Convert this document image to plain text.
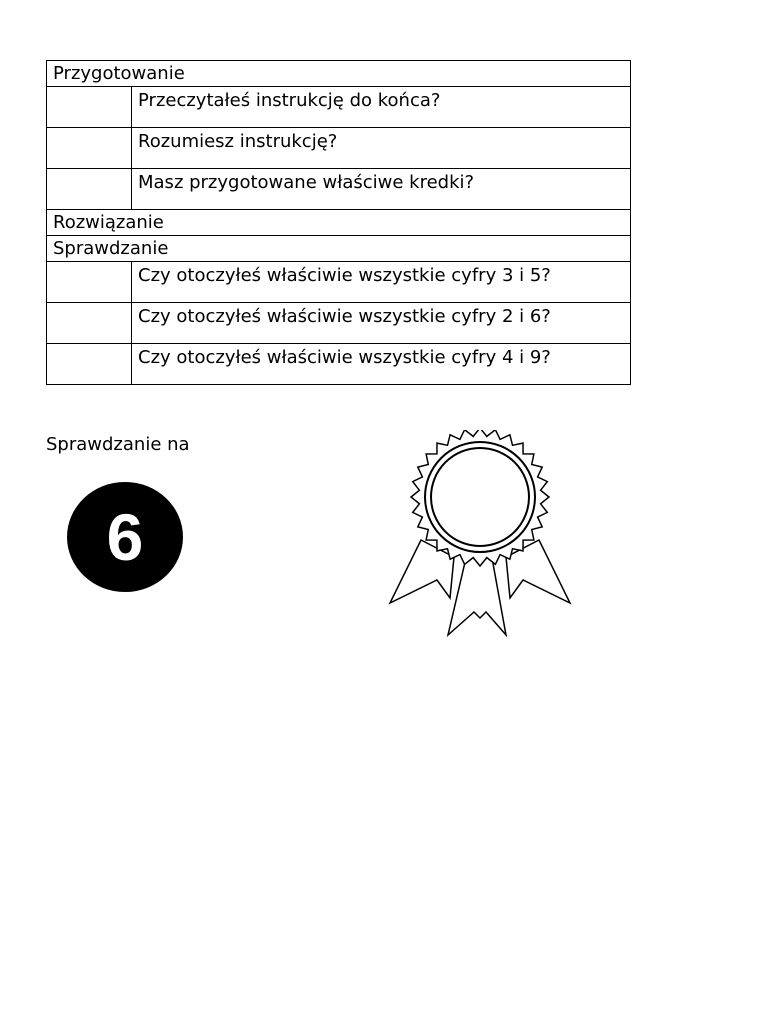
Przygotowanie	
	Przeczytałeś instrukcję do końca?
	Rozumiesz instrukcję?
	Masz przygotowane właściwe kredki?
Rozwiązanie	
Sprawdzanie	
	Czy otoczyłeś właściwie wszystkie cyfry 3 i 5?
	Czy otoczyłeś właściwie wszystkie cyfry 2 i 6?
	Czy otoczyłeś właściwie wszystkie cyfry 4 i 9?
Sprawdzanie na
6
